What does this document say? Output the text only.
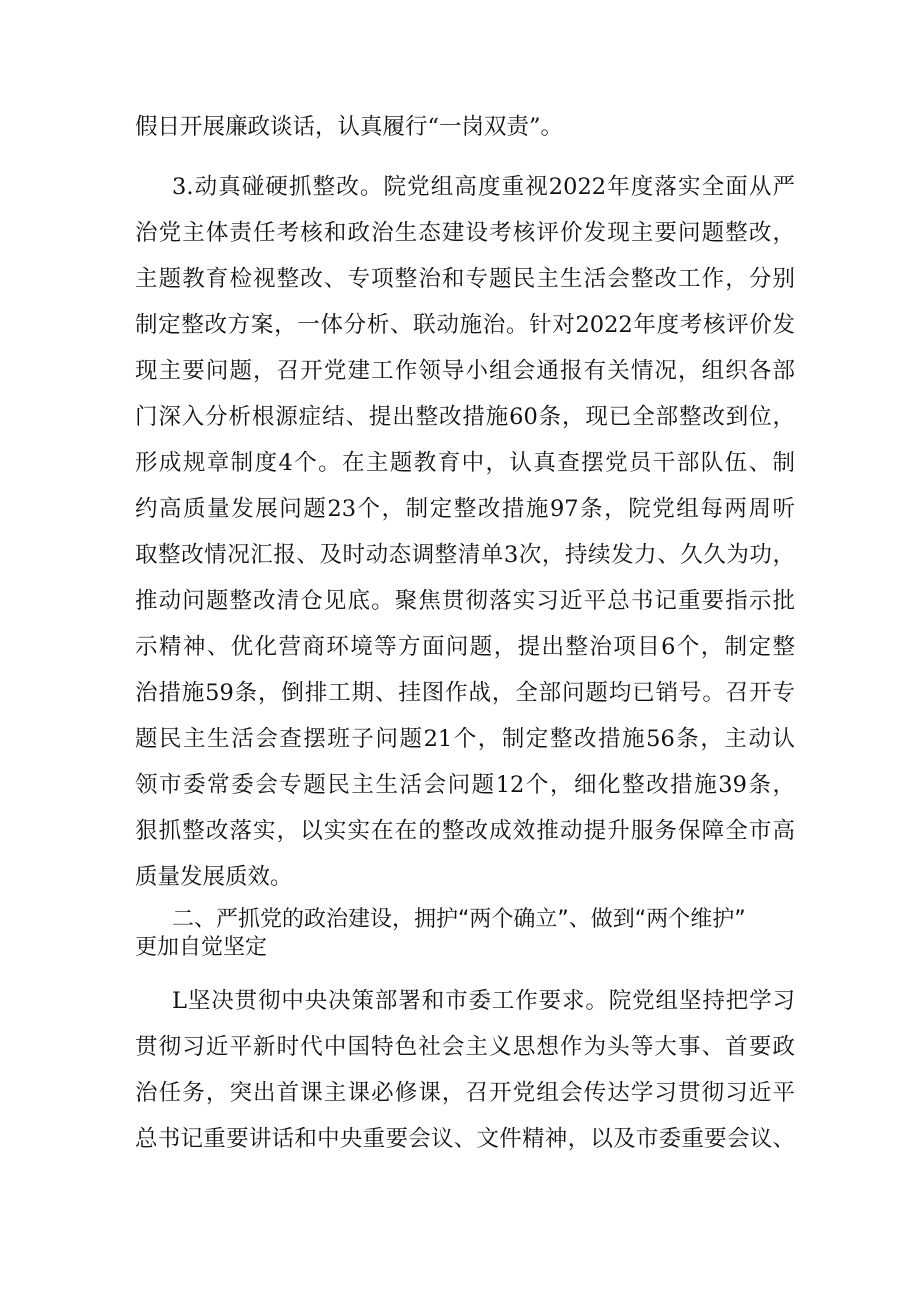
假日开展廉政谈话，认真履行“一岗双责”。
3.动真碰硬抓整改。院党组高度重视2022年度落实全面从严
治党主体责任考核和政治生态建设考核评价发现主要问题整改，
主题教育检视整改、专项整治和专题民主生活会整改工作，分别
制定整改方案，一体分析、联动施治。针对2022年度考核评价发
现主要问题，召开党建工作领导小组会通报有关情况，组织各部
门深入分析根源症结、提出整改措施60条，现已全部整改到位，
形成规章制度4个。在主题教育中，认真查摆党员干部队伍、制
约高质量发展问题23个，制定整改措施97条，院党组每两周听
取整改情况汇报、及时动态调整清单3次，持续发力、久久为功，
推动问题整改清仓见底。聚焦贯彻落实习近平总书记重要指示批
示精神、优化营商环境等方面问题，提出整治项目6个，制定整
治措施59条，倒排工期、挂图作战，全部问题均已销号。召开专
题民主生活会查摆班子问题21个，制定整改措施56条，主动认
领市委常委会专题民主生活会问题12个，细化整改措施39条，
狠抓整改落实，以实实在在的整改成效推动提升服务保障全市高
质量发展质效。
二、严抓党的政治建设，拥护“两个确立”、做到“两个维护”
更加自觉坚定
L坚决贯彻中央决策部署和市委工作要求。院党组坚持把学习
贯彻习近平新时代中国特色社会主义思想作为头等大事、首要政
治任务，突出首课主课必修课，召开党组会传达学习贯彻习近平
总书记重要讲话和中央重要会议、文件精神，以及市委重要会议、
